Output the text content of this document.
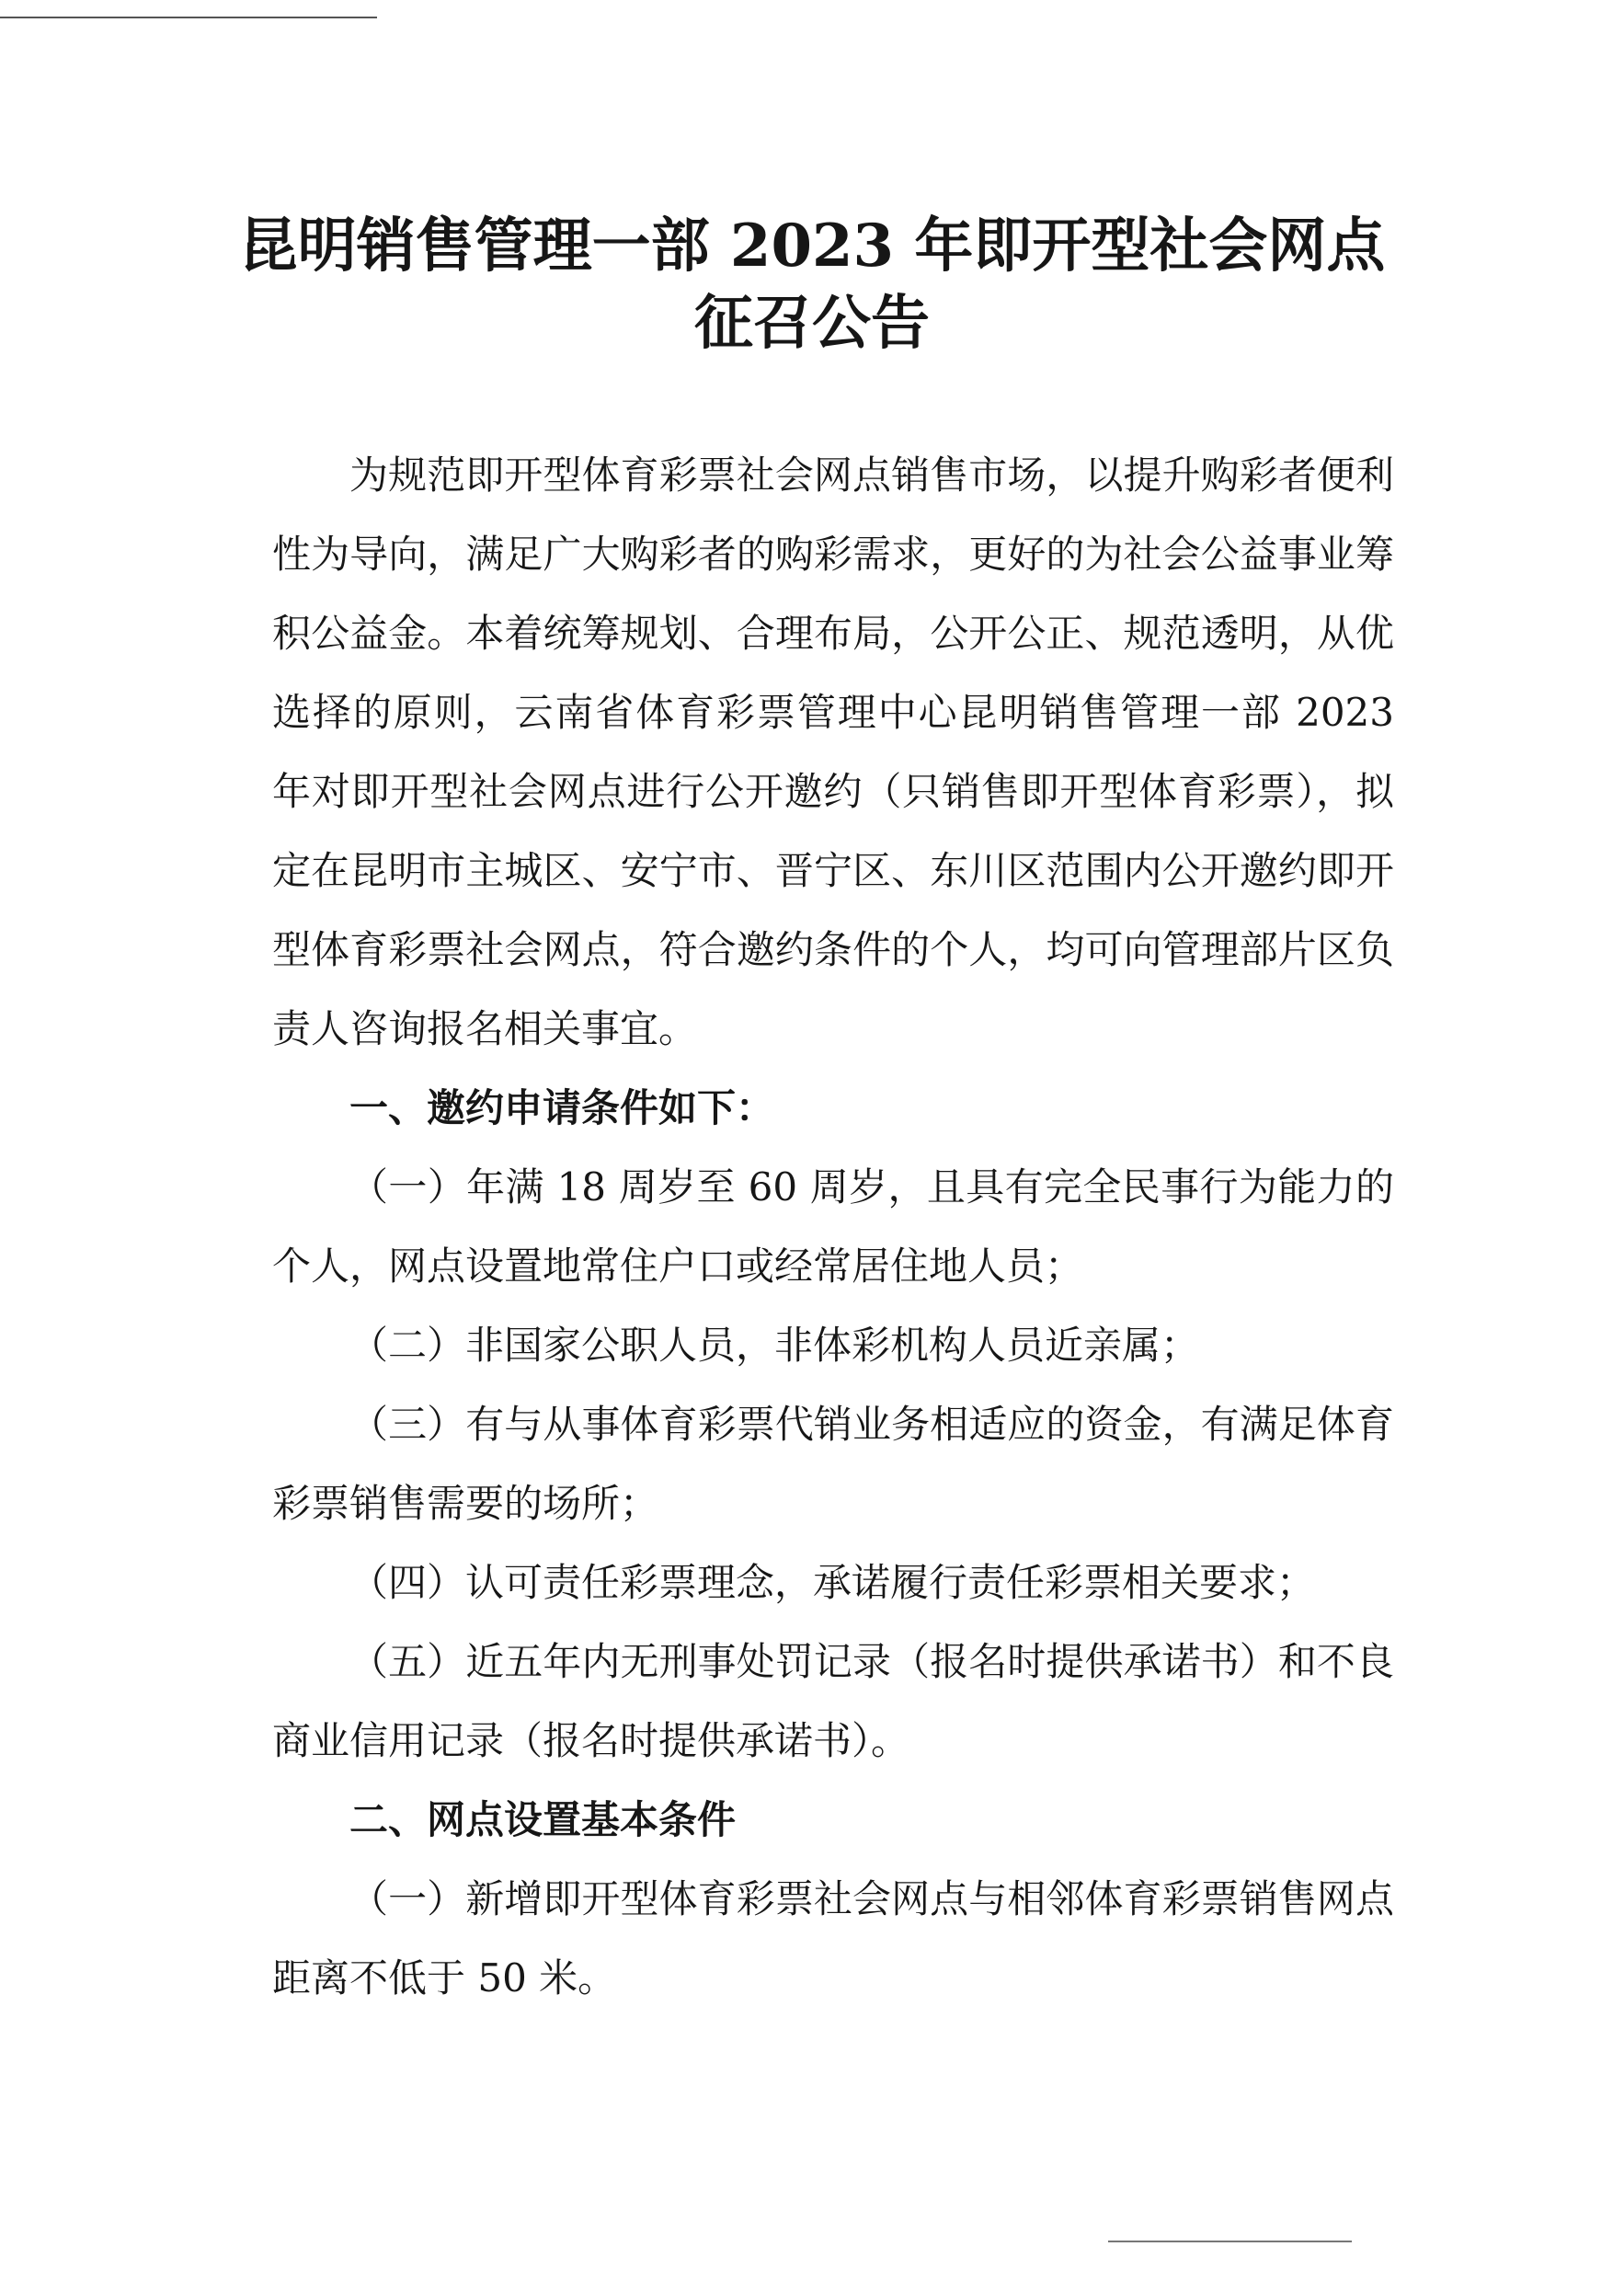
昆明销售管理一部 2023 年即开型社会网点
征召公告

为规范即开型体育彩票社会网点销售市场，以提升购彩者便利性为导向，满足广大购彩者的购彩需求，更好的为社会公益事业筹积公益金。本着统筹规划、合理布局，公开公正、规范透明，从优选择的原则，云南省体育彩票管理中心昆明销售管理一部 2023 年对即开型社会网点进行公开邀约（只销售即开型体育彩票），拟定在昆明市主城区、安宁市、晋宁区、东川区范围内公开邀约即开型体育彩票社会网点，符合邀约条件的个人，均可向管理部片区负责人咨询报名相关事宜。

一、邀约申请条件如下：

（一）年满 18 周岁至 60 周岁，且具有完全民事行为能力的个人，网点设置地常住户口或经常居住地人员；

（二）非国家公职人员，非体彩机构人员近亲属；

（三）有与从事体育彩票代销业务相适应的资金，有满足体育彩票销售需要的场所；

（四）认可责任彩票理念，承诺履行责任彩票相关要求；

（五）近五年内无刑事处罚记录（报名时提供承诺书）和不良商业信用记录（报名时提供承诺书）。

二、网点设置基本条件

（一）新增即开型体育彩票社会网点与相邻体育彩票销售网点距离不低于 50 米。
